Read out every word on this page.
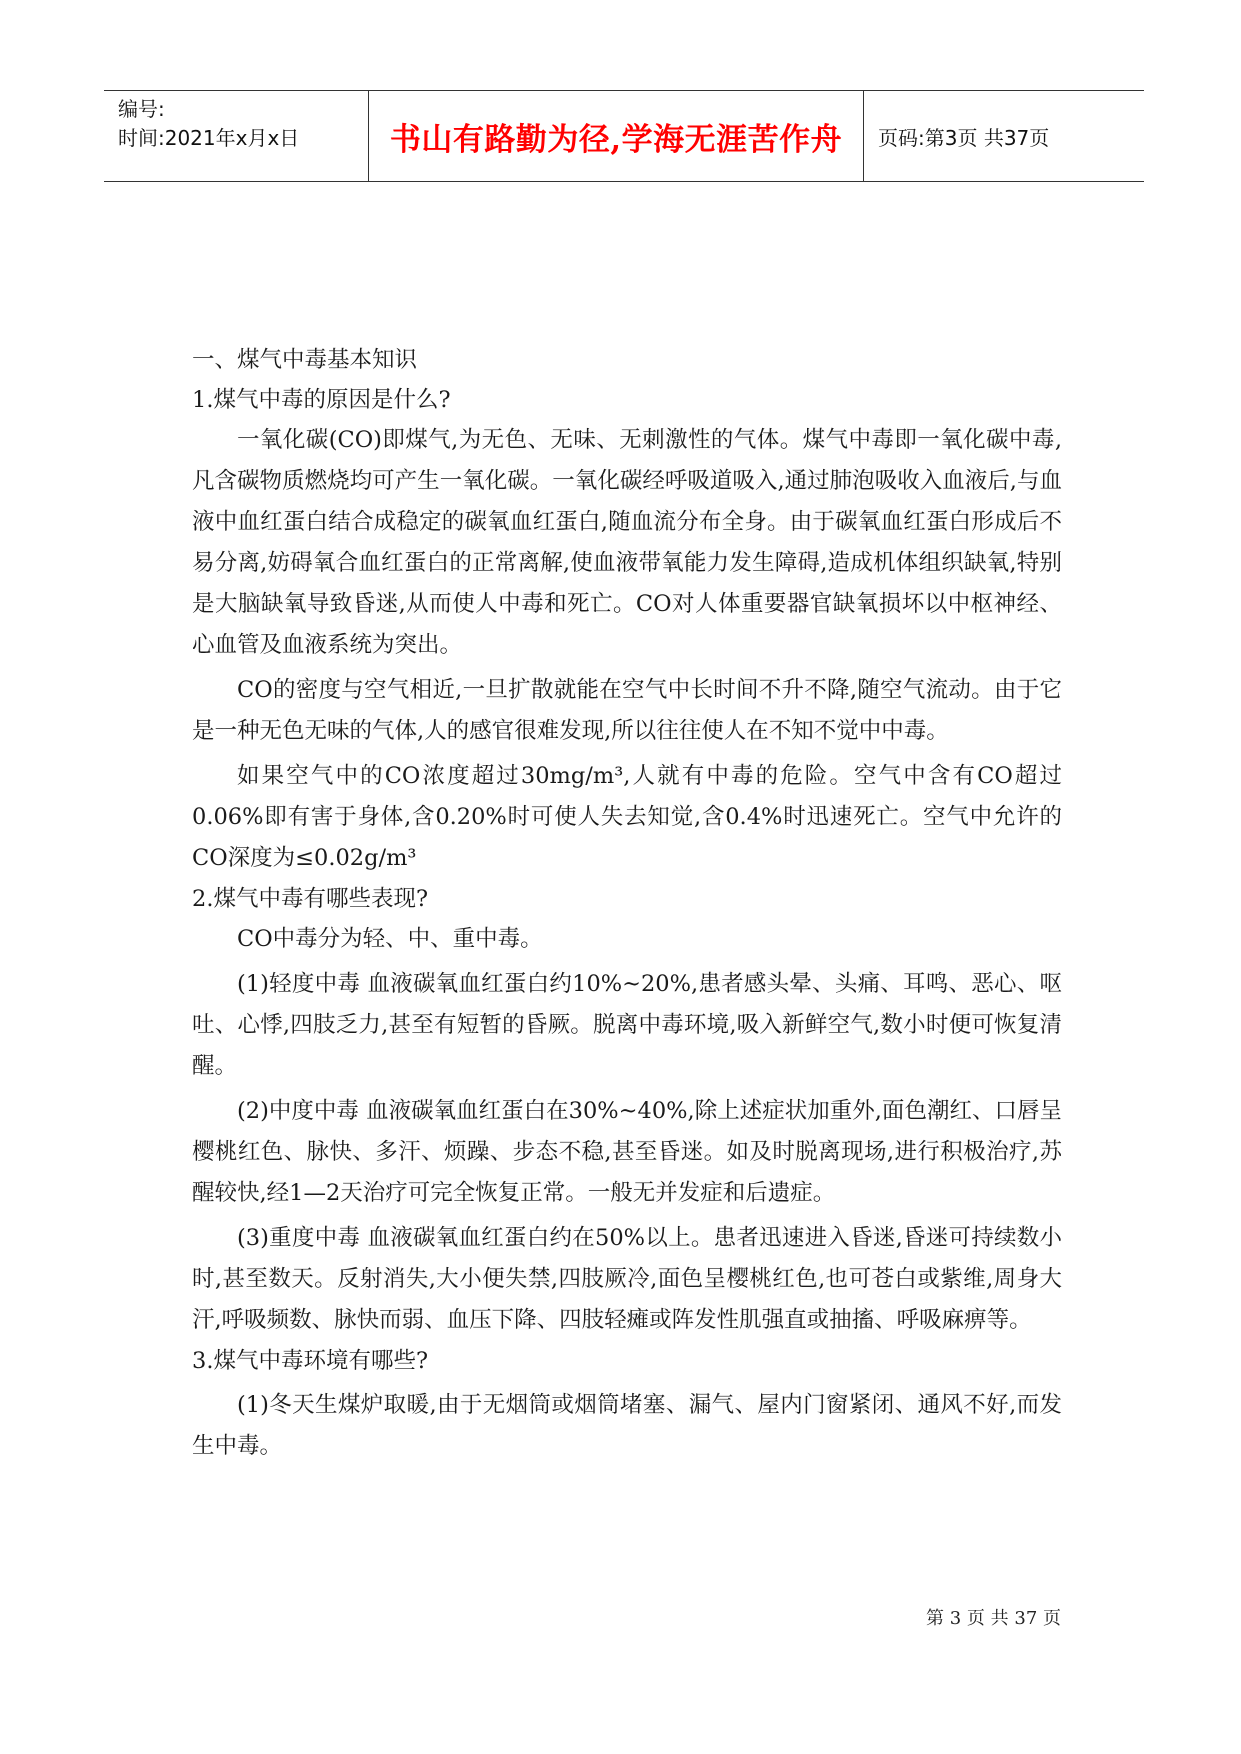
编号:
时间:2021年x月x日	书山有路勤为径,学海无涯苦作舟 页码:第3页 共37页
一、煤气中毒基本知识
1.煤气中毒的原因是什么?

一氧化碳(CO)即煤气,为无色、无味、无刺激性的气体。煤气中毒即一氧化碳中毒,凡含碳物质燃烧均可产生一氧化碳。一氧化碳经呼吸道吸入,通过肺泡吸收入血液后,与血液中血红蛋白结合成稳定的碳氧血红蛋白,随血流分布全身。由于碳氧血红蛋白形成后不易分离,妨碍氧合血红蛋白的正常离解,使血液带氧能力发生障碍,造成机体组织缺氧,特别是大脑缺氧导致昏迷,从而使人中毒和死亡。CO对人体重要器官缺氧损坏以中枢神经、心血管及血液系统为突出。

CO的密度与空气相近,一旦扩散就能在空气中长时间不升不降,随空气流动。由于它是一种无色无味的气体,人的感官很难发现,所以往往使人在不知不觉中中毒。

如果空气中的CO浓度超过30mg/m³,人就有中毒的危险。空气中含有CO超过0.06%即有害于身体,含0.20%时可使人失去知觉,含0.4%时迅速死亡。空气中允许的CO深度为≤0.02g/m³

2.煤气中毒有哪些表现?

CO中毒分为轻、中、重中毒。

(1)轻度中毒 血液碳氧血红蛋白约10%~20%,患者感头晕、头痛、耳鸣、恶心、呕吐、心悸,四肢乏力,甚至有短暂的昏厥。脱离中毒环境,吸入新鲜空气,数小时便可恢复清醒。

(2)中度中毒 血液碳氧血红蛋白在30%~40%,除上述症状加重外,面色潮红、口唇呈樱桃红色、脉快、多汗、烦躁、步态不稳,甚至昏迷。如及时脱离现场,进行积极治疗,苏醒较快,经1—2天治疗可完全恢复正常。一般无并发症和后遗症。

(3)重度中毒 血液碳氧血红蛋白约在50%以上。患者迅速进入昏迷,昏迷可持续数小时,甚至数天。反射消失,大小便失禁,四肢厥冷,面色呈樱桃红色,也可苍白或紫维,周身大汗,呼吸频数、脉快而弱、血压下降、四肢轻瘫或阵发性肌强直或抽搐、呼吸麻痹等。

3.煤气中毒环境有哪些?

(1)冬天生煤炉取暖,由于无烟筒或烟筒堵塞、漏气、屋内门窗紧闭、通风不好,而发生中毒。

第 3 页 共 37 页
